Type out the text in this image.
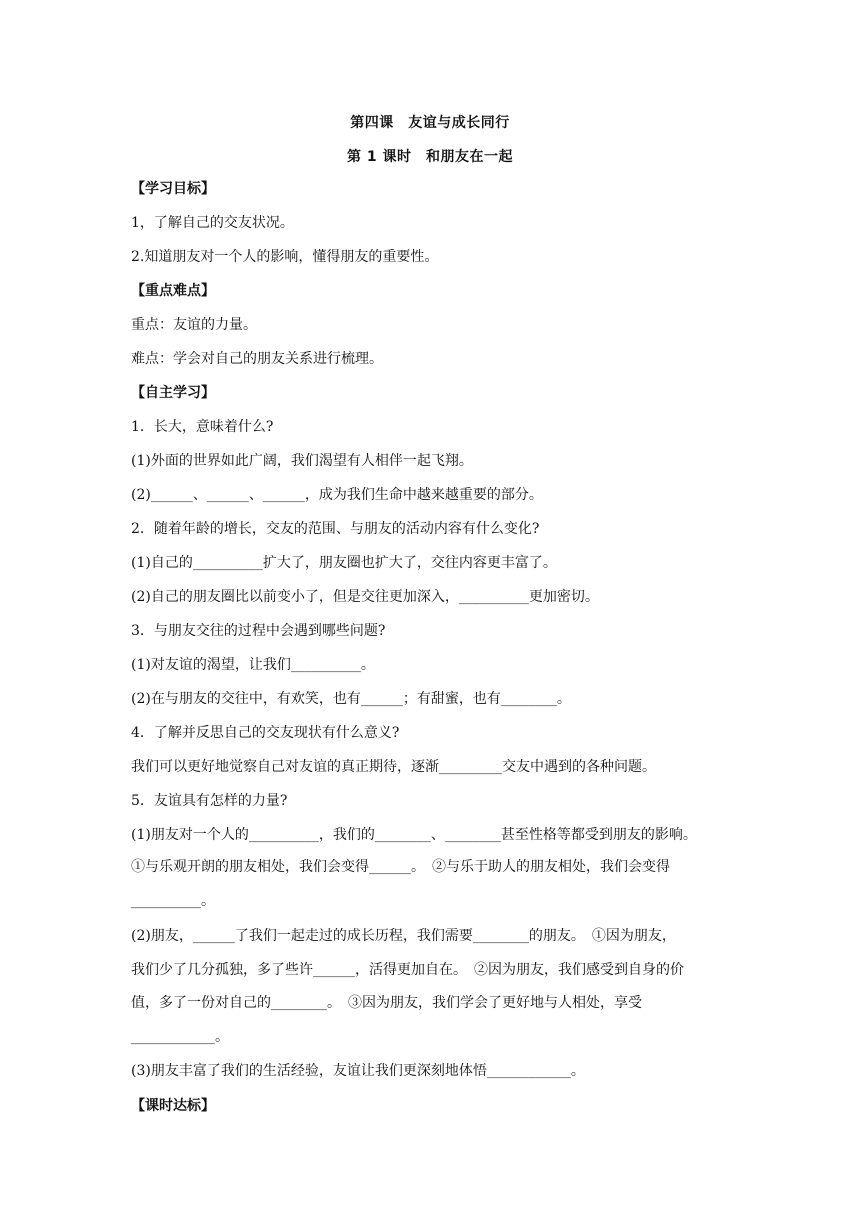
第四课　友谊与成长同行
第 1 课时　和朋友在一起
【学习目标】
1，了解自己的交友状况。
2.知道朋友对一个人的影响，懂得朋友的重要性。
【重点难点】
重点：友谊的力量。
难点：学会对自己的朋友关系进行梳理。
【自主学习】
1．长大，意味着什么?
(1)外面的世界如此广阔，我们渴望有人相伴一起飞翔。
(2)______、______、______，成为我们生命中越来越重要的部分。
2．随着年龄的增长，交友的范围、与朋友的活动内容有什么变化?
(1)自己的__________扩大了，朋友圈也扩大了，交往内容更丰富了。
(2)自己的朋友圈比以前变小了，但是交往更加深入，__________更加密切。
3．与朋友交往的过程中会遇到哪些问题?
(1)对友谊的渴望，让我们__________。
(2)在与朋友的交往中，有欢笑，也有______；有甜蜜，也有________。
4．了解并反思自己的交友现状有什么意义?
我们可以更好地觉察自己对友谊的真正期待，逐渐_________交友中遇到的各种问题。
5．友谊具有怎样的力量?
(1)朋友对一个人的__________，我们的________、________甚至性格等都受到朋友的影响。
①与乐观开朗的朋友相处，我们会变得______。　②与乐于助人的朋友相处，我们会变得
__________。
(2)朋友，______了我们一起走过的成长历程，我们需要________的朋友。　①因为朋友，
我们少了几分孤独，多了些许______，活得更加自在。　②因为朋友，我们感受到自身的价
值，多了一份对自己的________。　③因为朋友，我们学会了更好地与人相处，享受
____________。
(3)朋友丰富了我们的生活经验，友谊让我们更深刻地体悟____________。
【课时达标】
